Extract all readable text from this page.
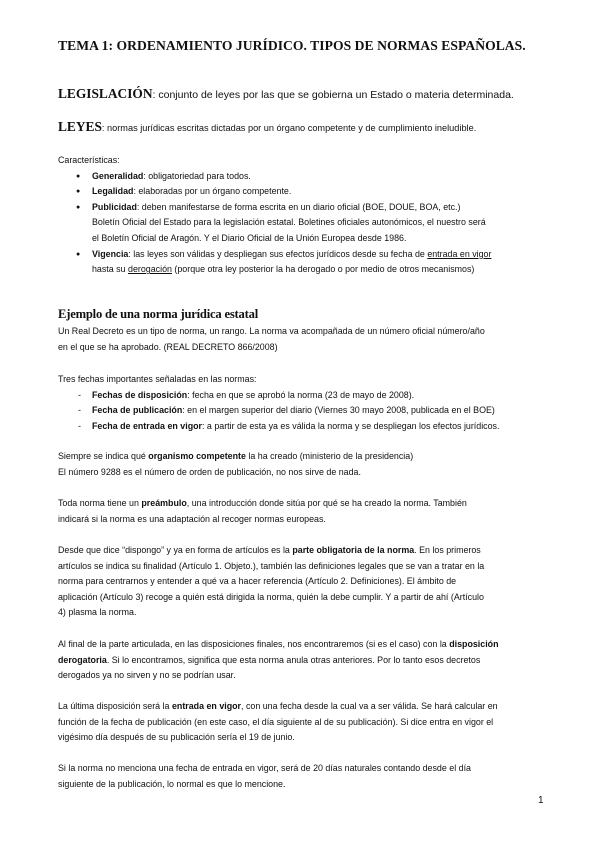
TEMA 1: ORDENAMIENTO JURÍDICO. TIPOS DE NORMAS ESPAÑOLAS.
LEGISLACIÓN: conjunto de leyes por las que se gobierna un Estado o materia determinada.
LEYES: normas jurídicas escritas dictadas por un órgano competente y de cumplimiento ineludible.
Características:
● Generalidad: obligatoriedad para todos.
● Legalidad: elaboradas por un órgano competente.
● Publicidad: deben manifestarse de forma escrita en un diario oficial (BOE, DOUE, BOA, etc.)
Boletín Oficial del Estado para la legislación estatal. Boletines oficiales autonómicos, el nuestro será
el Boletín Oficial de Aragón. Y el Diario Oficial de la Unión Europea desde 1986.
● Vigencia: las leyes son válidas y despliegan sus efectos jurídicos desde su fecha de entrada en vigor
hasta su derogación (porque otra ley posterior la ha derogado o por medio de otros mecanismos)
Ejemplo de una norma jurídica estatal
Un Real Decreto es un tipo de norma, un rango. La norma va acompañada de un número oficial número/año
en el que se ha aprobado. (REAL DECRETO 866/2008)
Tres fechas importantes señaladas en las normas:
- Fechas de disposición: fecha en que se aprobó la norma (23 de mayo de 2008).
- Fecha de publicación: en el margen superior del diario (Viernes 30 mayo 2008, publicada en el BOE)
- Fecha de entrada en vigor: a partir de esta ya es válida la norma y se despliegan los efectos jurídicos.
Siempre se indica qué organismo competente la ha creado (ministerio de la presidencia)
El número 9288 es el número de orden de publicación, no nos sirve de nada.
Toda norma tiene un preámbulo, una introducción donde sitúa por qué se ha creado la norma. También
indicará si la norma es una adaptación al recoger normas europeas.
Desde que dice “dispongo” y ya en forma de artículos es la parte obligatoria de la norma. En los primeros
artículos se indica su finalidad (Artículo 1. Objeto.), también las definiciones legales que se van a tratar en la
norma para centrarnos y entender a qué va a hacer referencia (Artículo 2. Definiciones). El ámbito de
aplicación (Artículo 3) recoge a quién está dirigida la norma, quién la debe cumplir. Y a partir de ahí (Artículo
4) plasma la norma.
Al final de la parte articulada, en las disposiciones finales, nos encontraremos (si es el caso) con la disposición
derogatoria. Si lo encontramos, significa que esta norma anula otras anteriores. Por lo tanto esos decretos
derogados ya no sirven y no se podrían usar.
La última disposición será la entrada en vigor, con una fecha desde la cual va a ser válida. Se hará calcular en
función de la fecha de publicación (en este caso, el día siguiente al de su publicación). Si dice entra en vigor el
vigésimo día después de su publicación sería el 19 de junio.
Si la norma no menciona una fecha de entrada en vigor, será de 20 días naturales contando desde el día
siguiente de la publicación, lo normal es que lo mencione.
1
